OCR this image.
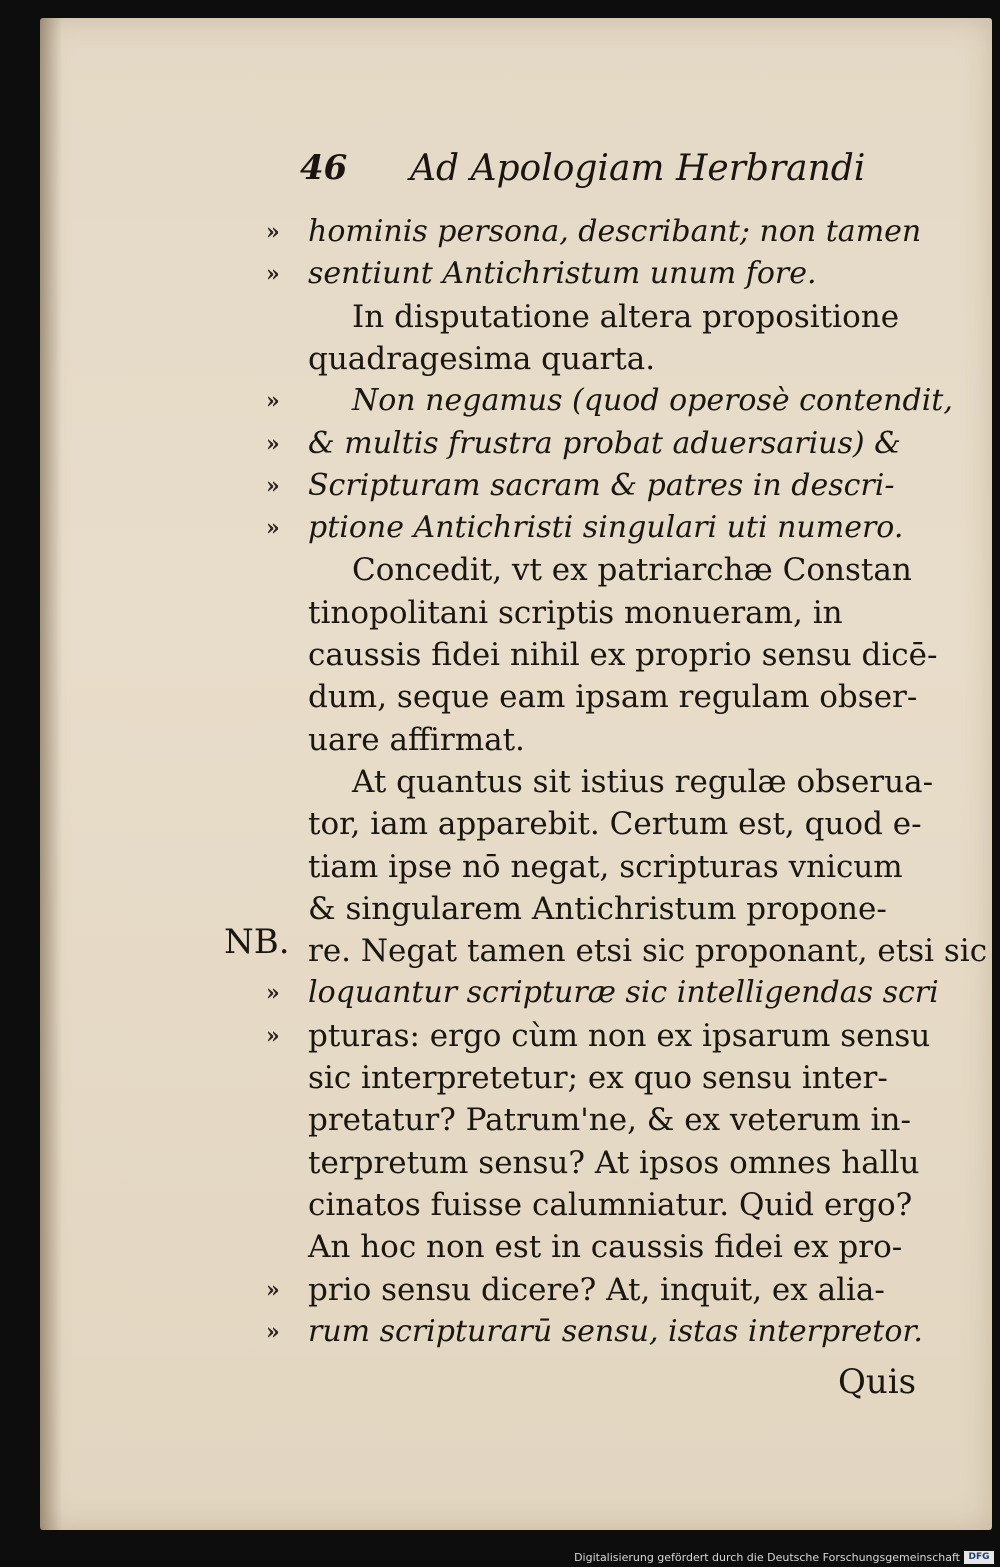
46 Ad Apologiam Herbrandi
» hominis persona, describant; non tamen
» sentiunt Antichristum unum fore.
In disputatione altera propositione
quadragesima quarta.
»	Non negamus (quod operosè contendit,
» & multis frustra probat aduersarius) &
» Scripturam sacram & patres in descri-
» ptione Antichristi singulari uti numero.
Concedit, vt ex patriarchæ Constan
tinopolitani scriptis monueram, in
caussis fidei nihil ex proprio sensu dicē-
dum, seque eam ipsam regulam obser-
uare affirmat.
At quantus sit istius regulæ obserua-
tor, iam apparebit. Certum est, quod e-
tiam ipse nō negat, scripturas vnicum
& singularem Antichristum propone-
re. Negat tamen etsi sic proponant, etsi sic
» loquantur scripturæ sic intelligendas scri
» pturas: ergo cùm non ex ipsarum sensu
sic interpretetur; ex quo sensu inter-
pretatur? Patrum'ne, & ex veterum in-
terpretum sensu? At ipsos omnes hallu
cinatos fuisse calumniatur. Quid ergo?
An hoc non est in caussis fidei ex pro-
» prio sensu dicere? At, inquit, ex alia-
» rum scripturarū sensu, istas interpretor.
NB.
Quis
Digitalisierung gefördert durch die Deutsche Forschungsgemeinschaft DFG
